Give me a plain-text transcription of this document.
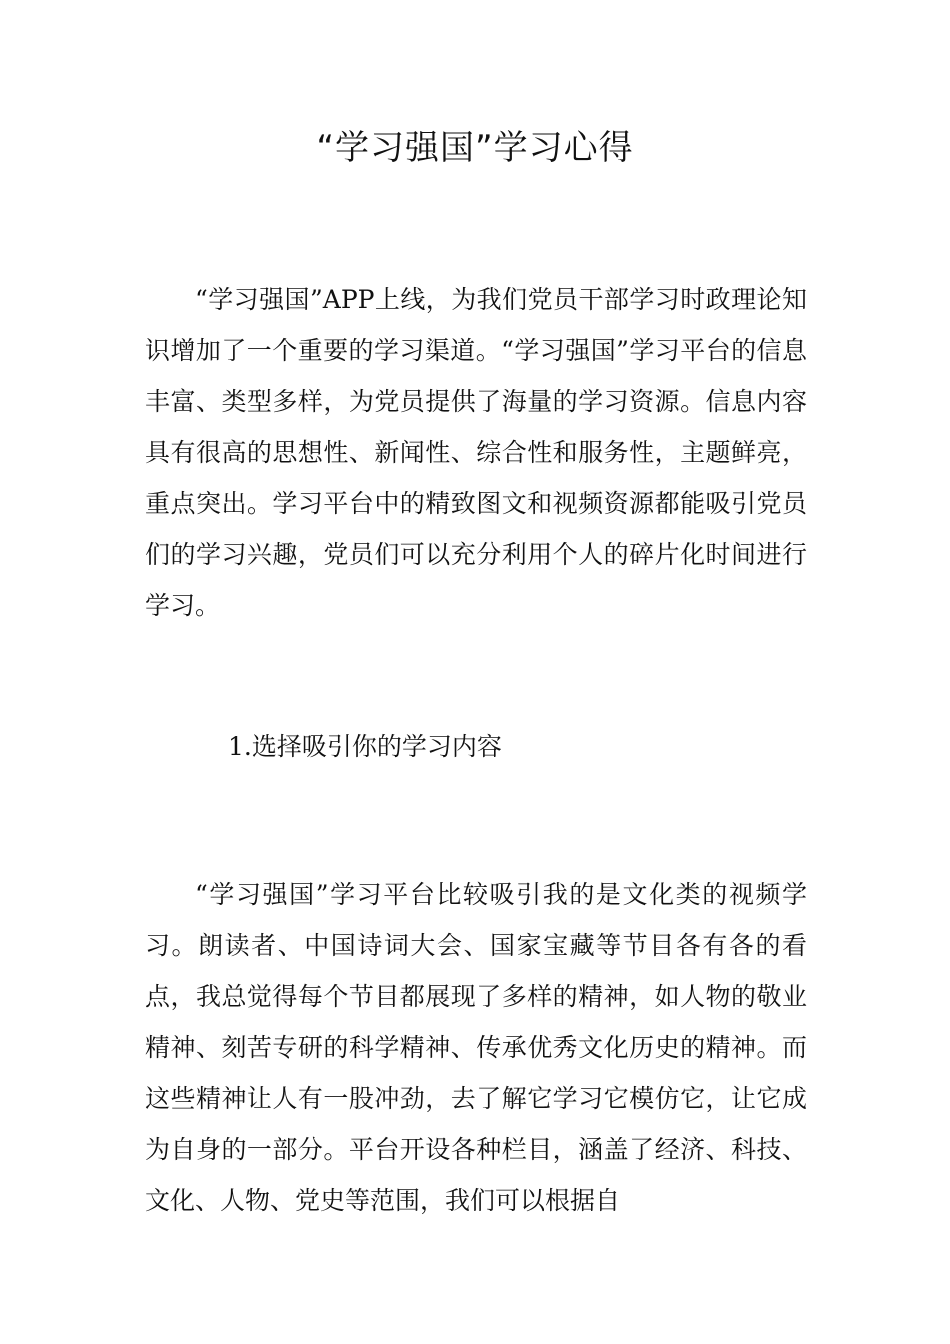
“学习强国”学习心得

“学习强国”APP上线，为我们党员干部学习时政理论知识增加了一个重要的学习渠道。“学习强国”学习平台的信息丰富、类型多样，为党员提供了海量的学习资源。信息内容具有很高的思想性、新闻性、综合性和服务性，主题鲜亮，重点突出。学习平台中的精致图文和视频资源都能吸引党员们的学习兴趣，党员们可以充分利用个人的碎片化时间进行学习。

1.选择吸引你的学习内容

“学习强国”学习平台比较吸引我的是文化类的视频学习。朗读者、中国诗词大会、国家宝藏等节目各有各的看点，我总觉得每个节目都展现了多样的精神，如人物的敬业精神、刻苦专研的科学精神、传承优秀文化历史的精神。而这些精神让人有一股冲劲，去了解它学习它模仿它，让它成为自身的一部分。平台开设各种栏目，涵盖了经济、科技、文化、人物、党史等范围，我们可以根据自
